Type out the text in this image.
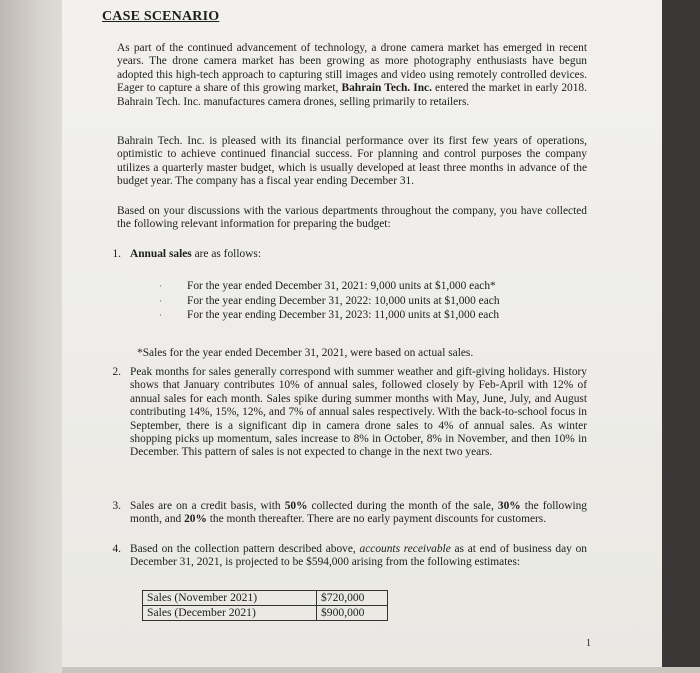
CASE SCENARIO

As part of the continued advancement of technology, a drone camera market has emerged in recent years. The drone camera market has been growing as more photography enthusiasts have begun adopted this high-tech approach to capturing still images and video using remotely controlled devices. Eager to capture a share of this growing market, Bahrain Tech. Inc. entered the market in early 2018. Bahrain Tech. Inc. manufactures camera drones, selling primarily to retailers.

Bahrain Tech. Inc. is pleased with its financial performance over its first few years of operations, optimistic to achieve continued financial success. For planning and control purposes the company utilizes a quarterly master budget, which is usually developed at least three months in advance of the budget year. The company has a fiscal year ending December 31.

Based on your discussions with the various departments throughout the company, you have collected the following relevant information for preparing the budget:

1. Annual sales are as follows:
· For the year ended December 31, 2021: 9,000 units at $1,000 each*
· For the year ending December 31, 2022: 10,000 units at $1,000 each
· For the year ending December 31, 2023: 11,000 units at $1,000 each
*Sales for the year ended December 31, 2021, were based on actual sales.
2. Peak months for sales generally correspond with summer weather and gift-giving holidays. History shows that January contributes 10% of annual sales, followed closely by Feb-April with 12% of annual sales for each month. Sales spike during summer months with May, June, July, and August contributing 14%, 15%, 12%, and 7% of annual sales respectively. With the back-to-school focus in September, there is a significant dip in camera drone sales to 4% of annual sales. As winter shopping picks up momentum, sales increase to 8% in October, 8% in November, and then 10% in December. This pattern of sales is not expected to change in the next two years.
3. Sales are on a credit basis, with 50% collected during the month of the sale, 30% the following month, and 20% the month thereafter. There are no early payment discounts for customers.
4. Based on the collection pattern described above, accounts receivable as at end of business day on December 31, 2021, is projected to be $594,000 arising from the following estimates:
Sales (November 2021)	$720,000
Sales (December 2021)	$900,000
1
